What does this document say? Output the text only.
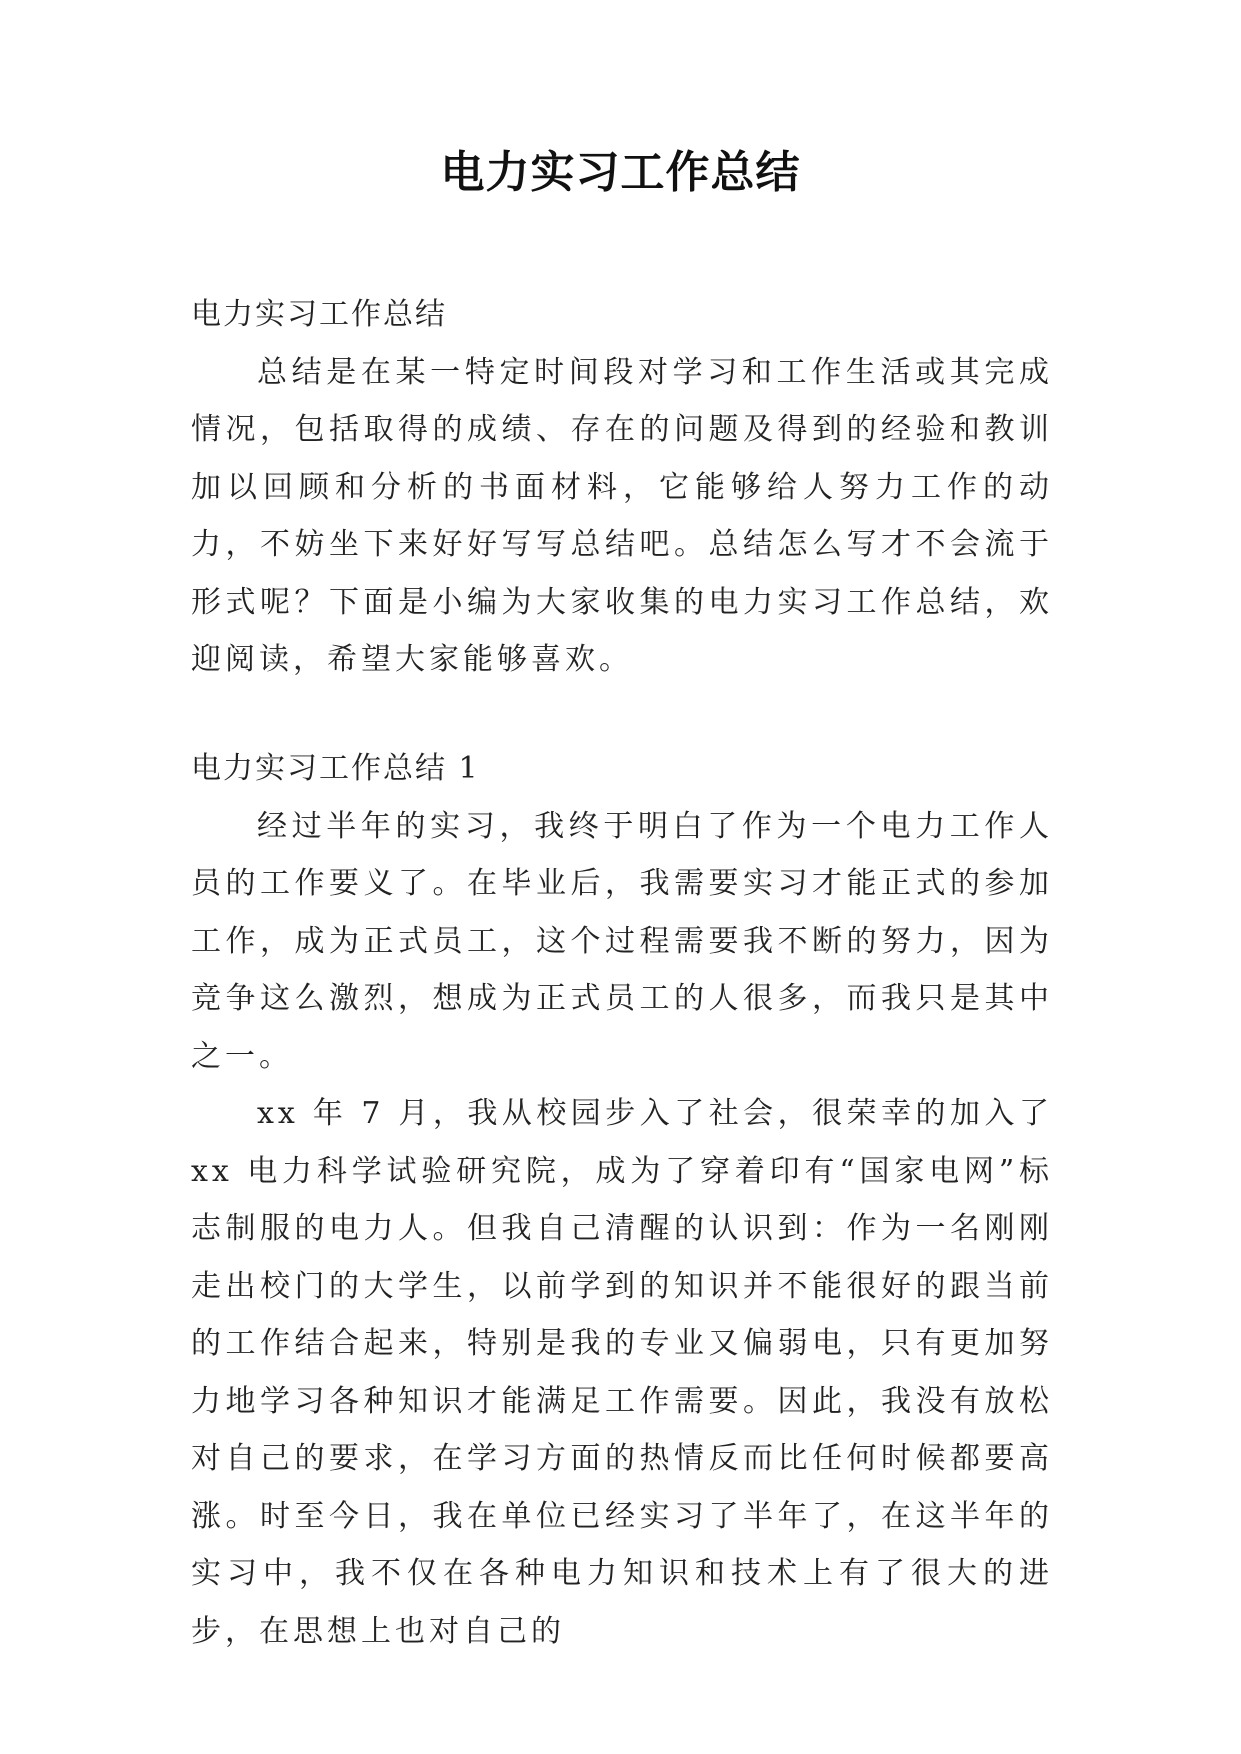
电力实习工作总结

电力实习工作总结

总结是在某一特定时间段对学习和工作生活或其完成情况，包括取得的成绩、存在的问题及得到的经验和教训加以回顾和分析的书面材料，它能够给人努力工作的动力，不妨坐下来好好写写总结吧。总结怎么写才不会流于形式呢？下面是小编为大家收集的电力实习工作总结，欢迎阅读，希望大家能够喜欢。

电力实习工作总结 1

经过半年的实习，我终于明白了作为一个电力工作人员的工作要义了。在毕业后，我需要实习才能正式的参加工作，成为正式员工，这个过程需要我不断的努力，因为竞争这么激烈，想成为正式员工的人很多，而我只是其中之一。

xx 年 7 月，我从校园步入了社会，很荣幸的加入了 xx 电力科学试验研究院，成为了穿着印有“国家电网”标志制服的电力人。但我自己清醒的认识到：作为一名刚刚走出校门的大学生，以前学到的知识并不能很好的跟当前的工作结合起来，特别是我的专业又偏弱电，只有更加努力地学习各种知识才能满足工作需要。因此，我没有放松对自己的要求，在学习方面的热情反而比任何时候都要高涨。时至今日，我在单位已经实习了半年了，在这半年的实习中，我不仅在各种电力知识和技术上有了很大的进步，在思想上也对自己的
